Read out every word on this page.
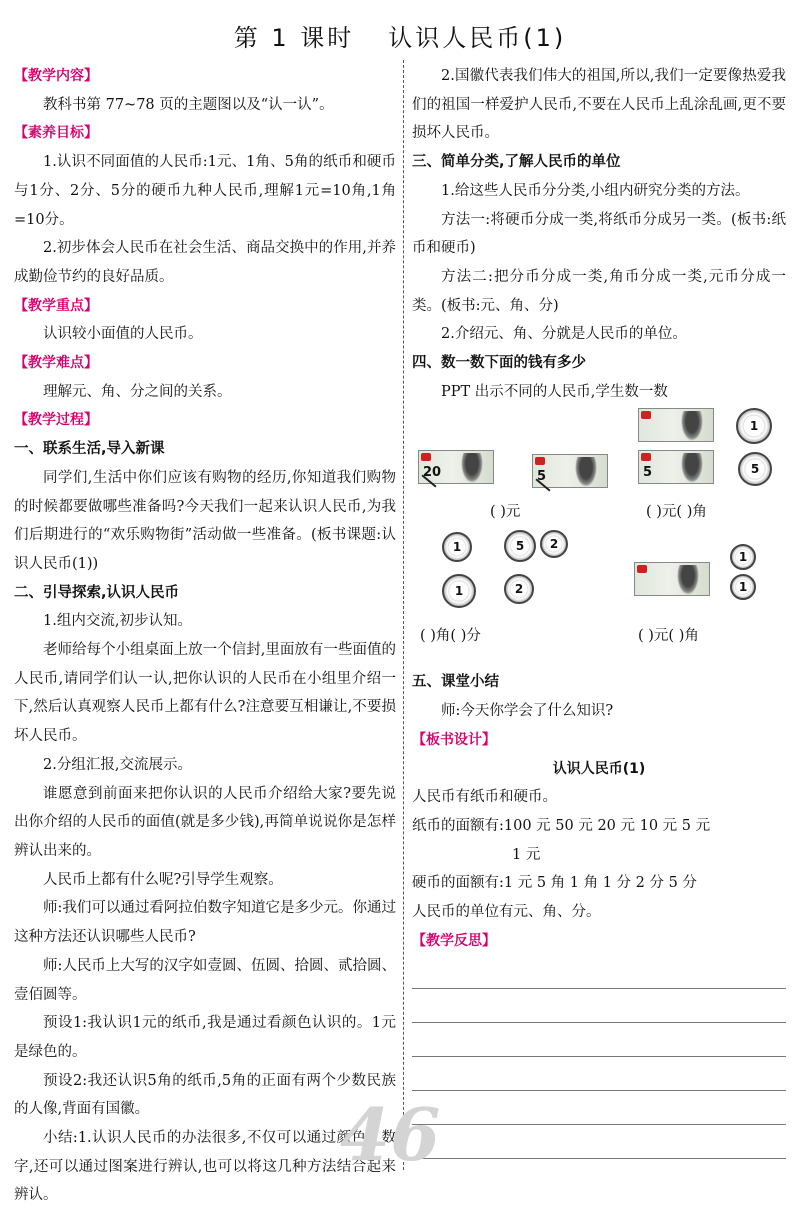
第 1 课时 认识人民币(1)
【教学内容】
教科书第 77~78 页的主题图以及“认一认”。
【素养目标】
1.认识不同面值的人民币:1元、1角、5角的纸币和硬币与1分、2分、5分的硬币九种人民币,理解1元=10角,1角=10分。
2.初步体会人民币在社会生活、商品交换中的作用,并养成勤俭节约的良好品质。
【教学重点】
认识较小面值的人民币。
【教学难点】
理解元、角、分之间的关系。
【教学过程】
一、联系生活,导入新课
同学们,生活中你们应该有购物的经历,你知道我们购物的时候都要做哪些准备吗?今天我们一起来认识人民币,为我们后期进行的“欢乐购物街”活动做一些准备。(板书课题:认识人民币(1))
二、引导探索,认识人民币
1.组内交流,初步认知。
老师给每个小组桌面上放一个信封,里面放有一些面值的人民币,请同学们认一认,把你认识的人民币在小组里介绍一下,然后认真观察人民币上都有什么?注意要互相谦让,不要损坏人民币。
2.分组汇报,交流展示。
谁愿意到前面来把你认识的人民币介绍给大家?要先说出你介绍的人民币的面值(就是多少钱),再简单说说你是怎样辨认出来的。
人民币上都有什么呢?引导学生观察。
师:我们可以通过看阿拉伯数字知道它是多少元。你通过这种方法还认识哪些人民币?
师:人民币上大写的汉字如壹圆、伍圆、拾圆、贰拾圆、壹佰圆等。
预设1:我认识1元的纸币,我是通过看颜色认识的。1元是绿色的。
预设2:我还认识5角的纸币,5角的正面有两个少数民族的人像,背面有国徽。
小结:1.认识人民币的办法很多,不仅可以通过颜色、数字,还可以通过图案进行辨认,也可以将这几种方法结合起来辨认。
2.国徽代表我们伟大的祖国,所以,我们一定要像热爱我们的祖国一样爱护人民币,不要在人民币上乱涂乱画,更不要损坏人民币。
三、简单分类,了解人民币的单位
1.给这些人民币分分类,小组内研究分类的方法。
方法一:将硬币分成一类,将纸币分成另一类。(板书:纸币和硬币)
方法二:把分币分成一类,角币分成一类,元币分成一类。(板书:元、角、分)
2.介绍元、角、分就是人民币的单位。
四、数一数下面的钱有多少
PPT 出示不同的人民币,学生数一数
20	5
( )元
5
1
5
( )元( )角
1	5	2
1	2
( )角( )分
1
1
( )元( )角
五、课堂小结
师:今天你学会了什么知识?
【板书设计】
认识人民币(1)
人民币有纸币和硬币。
纸币的面额有:100 元 50 元 20 元 10 元 5 元
1 元
硬币的面额有:1 元 5 角 1 角 1 分 2 分 5 分
人民币的单位有元、角、分。
【教学反思】
46
